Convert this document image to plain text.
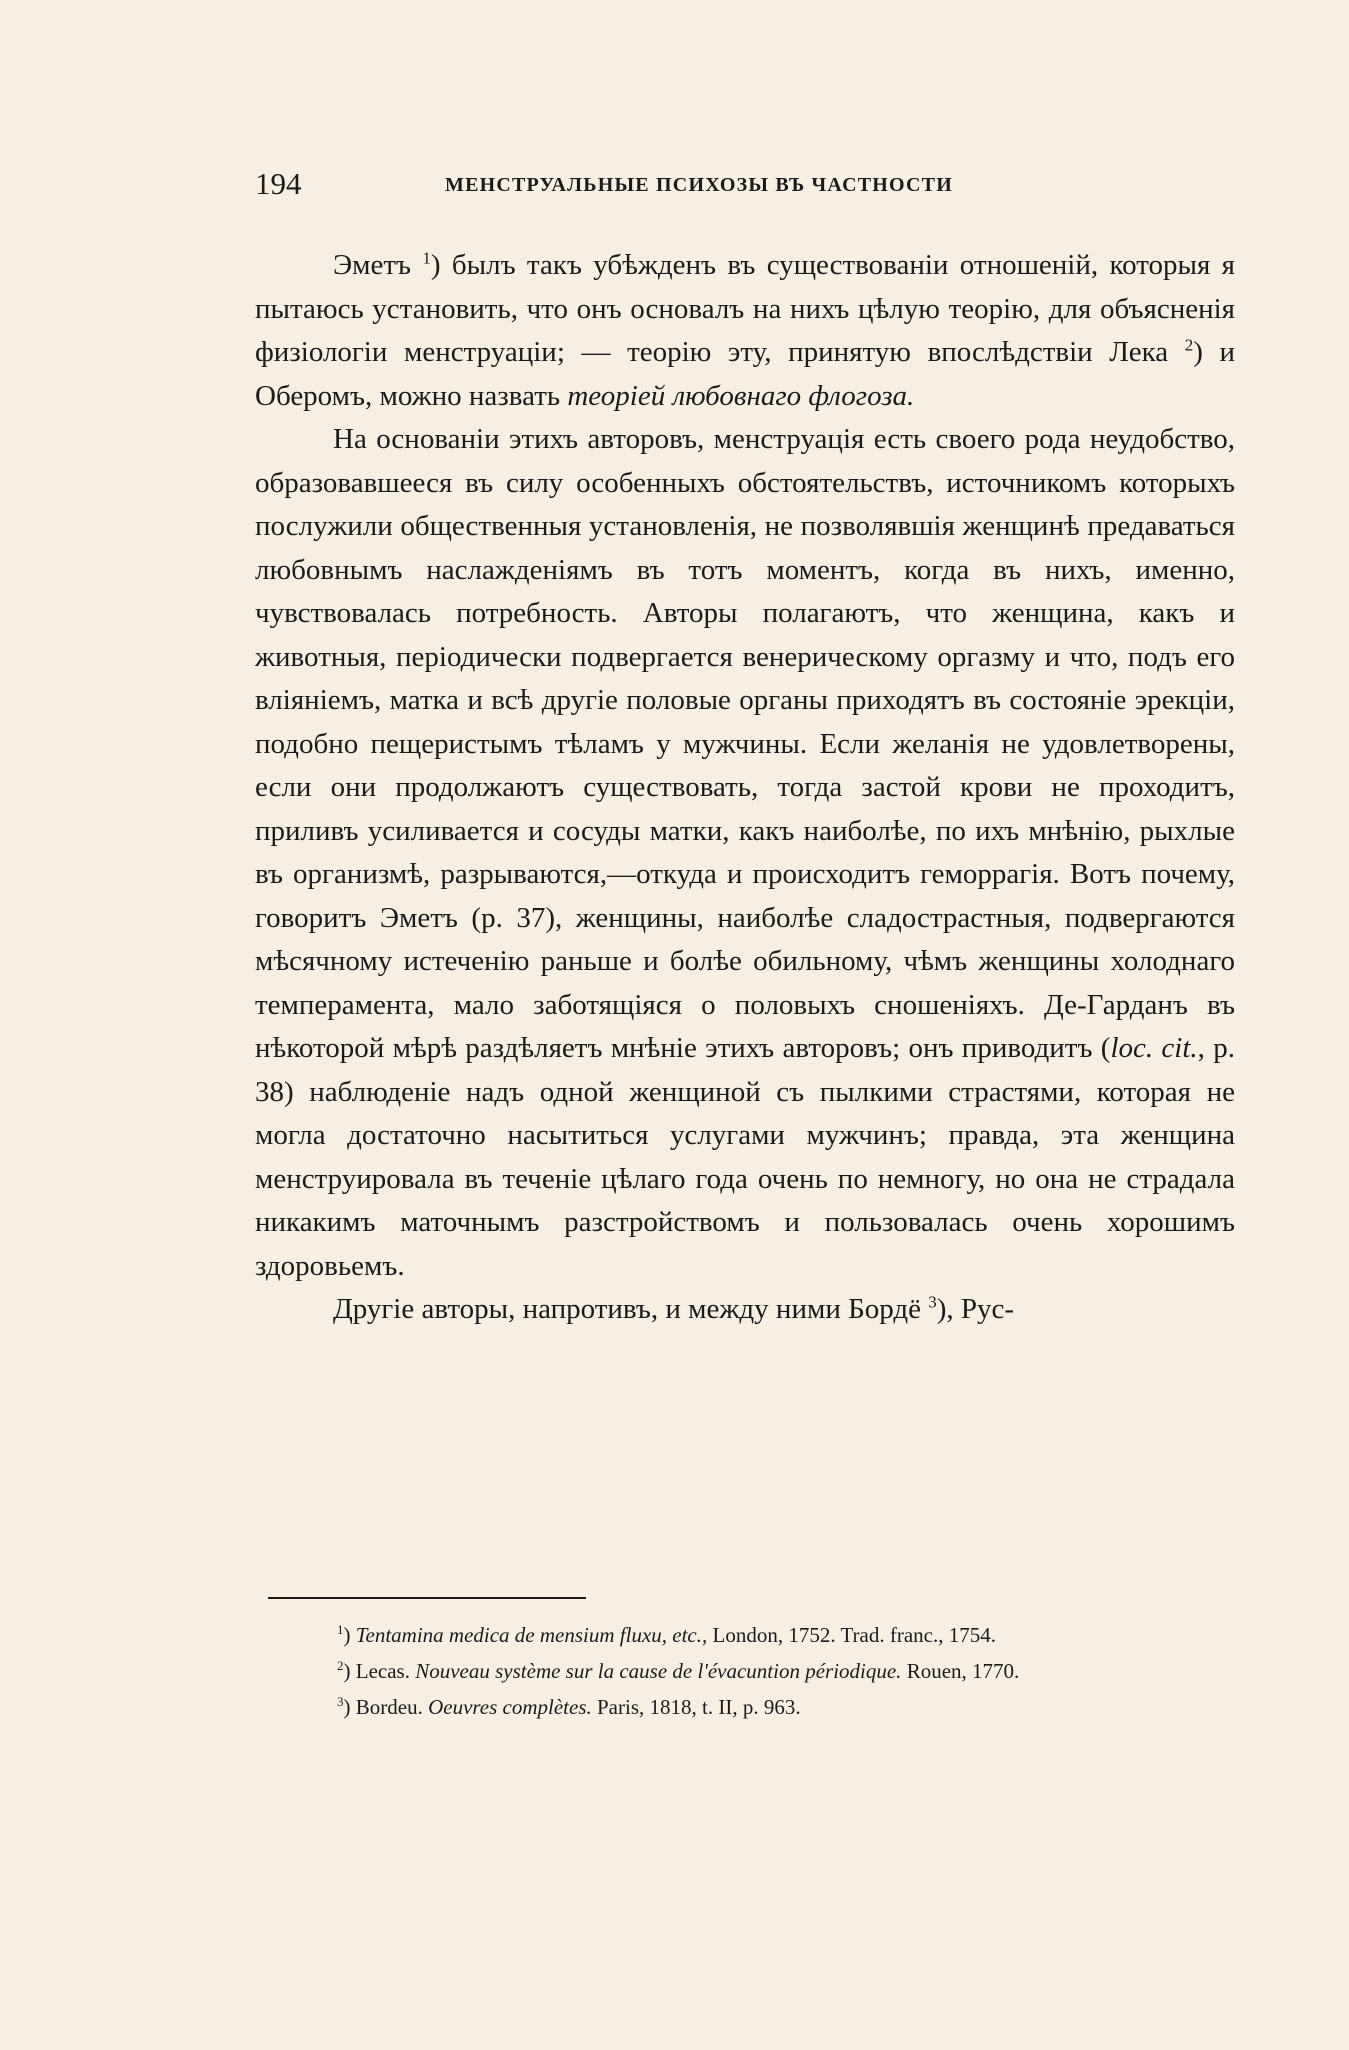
194	МЕНСТРУАЛЬНЫЕ ПСИХОЗЫ ВЪ ЧАСТНОСТИ

Эметъ $^1$) былъ такъ убѣжденъ въ существованіи отношеній, которыя я пытаюсь установить, что онъ основалъ на нихъ цѣлую теорію, для объясненія физіологіи менструаціи; — теорію эту, принятую впослѣдствіи Лека $^2$) и Оберомъ, можно назвать теоріей любовнаго флогоза.

На основаніи этихъ авторовъ, менструація есть своего рода неудобство, образовавшееся въ силу особенныхъ обстоятельствъ, источникомъ которыхъ послужили общественныя установленія, не позволявшія женщинѣ предаваться любовнымъ наслажденіямъ въ тотъ моментъ, когда въ нихъ, именно, чувствовалась потребность. Авторы полагаютъ, что женщина, какъ и животныя, періодически подвергается венерическому оргазму и что, подъ его вліяніемъ, матка и всѣ другіе половые органы приходятъ въ состояніе эрекціи, подобно пещеристымъ тѣламъ у мужчины. Если желанія не удовлетворены, если они продолжаютъ существовать, тогда застой крови не проходитъ, приливъ усиливается и сосуды матки, какъ наиболѣе, по ихъ мнѣнію, рыхлые въ организмѣ, разрываются,—откуда и происходитъ геморрагія. Вотъ почему, говоритъ Эметъ (p. 37), женщины, наиболѣе сладострастныя, подвергаются мѣсячному истеченію раньше и болѣе обильному, чѣмъ женщины холоднаго темперамента, мало заботящіяся о половыхъ сношеніяхъ. Де-Гарданъ въ нѣкоторой мѣрѣ раздѣляетъ мнѣніе этихъ авторовъ; онъ приводитъ (loc. cit., p. 38) наблюденіе надъ одной женщиной съ пылкими страстями, которая не могла достаточно насытиться услугами мужчинъ; правда, эта женщина менструировала въ теченіе цѣлаго года очень по немногу, но она не страдала никакимъ маточнымъ разстройствомъ и пользовалась очень хорошимъ здоровьемъ.

Другіе авторы, напротивъ, и между ними Бордё $^3$), Рус-

$^1$) Tentamina medica de mensium fluxu, etc., London, 1752. Trad. franc., 1754.

$^2$) Lecas. Nouveau système sur la cause de l'évacuntion périodique. Rouen, 1770.

$^3$) Bordeu. Oeuvres complètes. Paris, 1818, t. II, p. 963.
